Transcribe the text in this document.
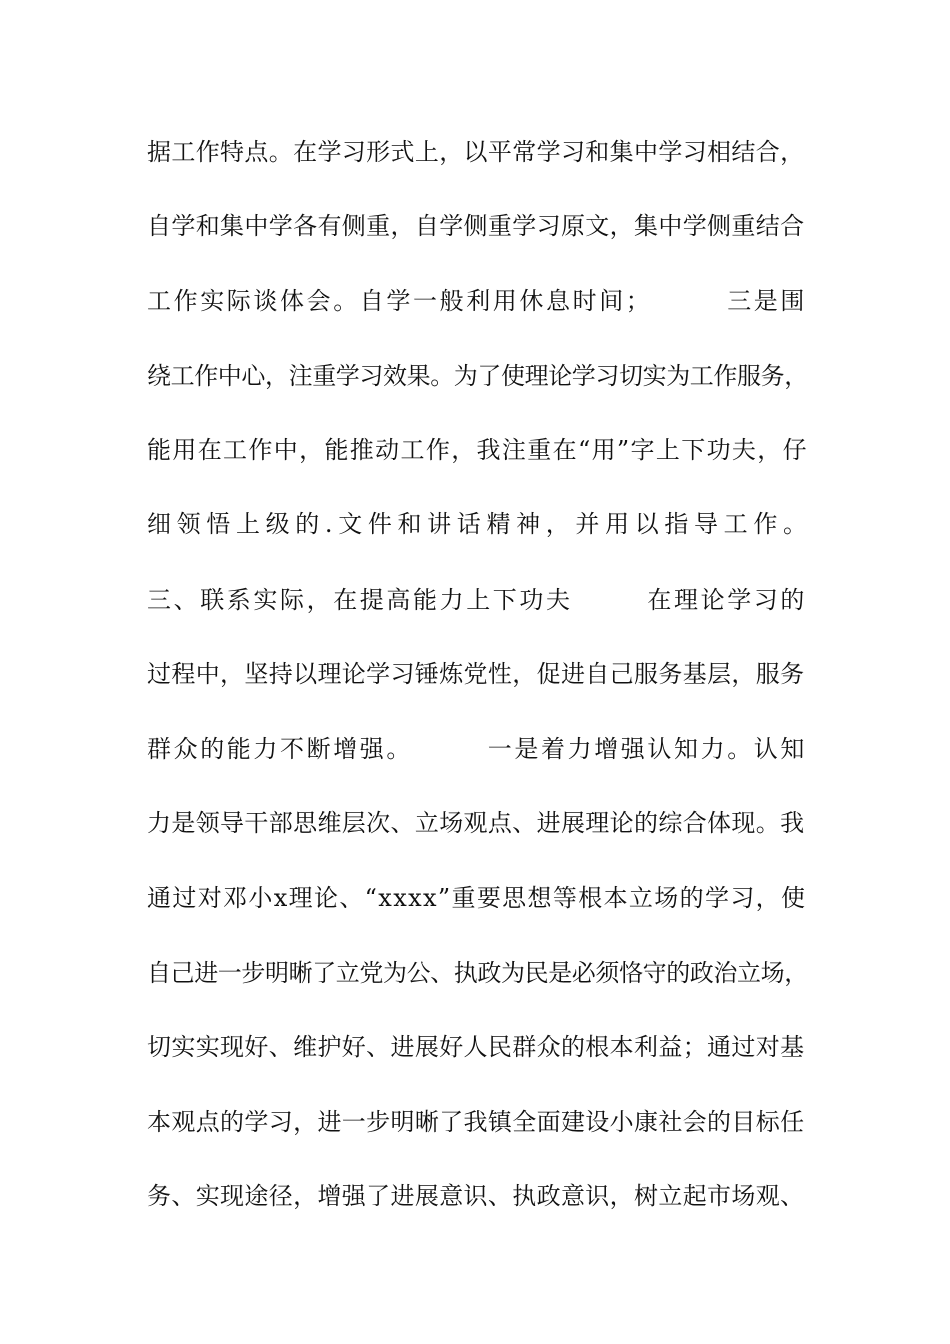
据工作特点。在学习形式上，以平常学习和集中学习相结合，
自学和集中学各有侧重，自学侧重学习原文，集中学侧重结合
工作实际谈体会。自学一般利用休息时间；	三是围
绕工作中心，注重学习效果。为了使理论学习切实为工作服务，
能用在工作中，能推动工作，我注重在“用”字上下功夫，仔
细领悟上级的.文件和讲话精神，并用以指导工作。
三、联系实际，在提高能力上下功夫	在理论学习的
过程中，坚持以理论学习锤炼党性，促进自己服务基层，服务
群众的能力不断增强。	一是着力增强认知力。认知
力是领导干部思维层次、立场观点、进展理论的综合体现。我
通过对邓小x理论、“xxxx”重要思想等根本立场的学习，使
自己进一步明晰了立党为公、执政为民是必须恪守的政治立场，
切实实现好、维护好、进展好人民群众的根本利益；通过对基
本观点的学习，进一步明晰了我镇全面建设小康社会的目标任
务、实现途径，增强了进展意识、执政意识，树立起市场观、
